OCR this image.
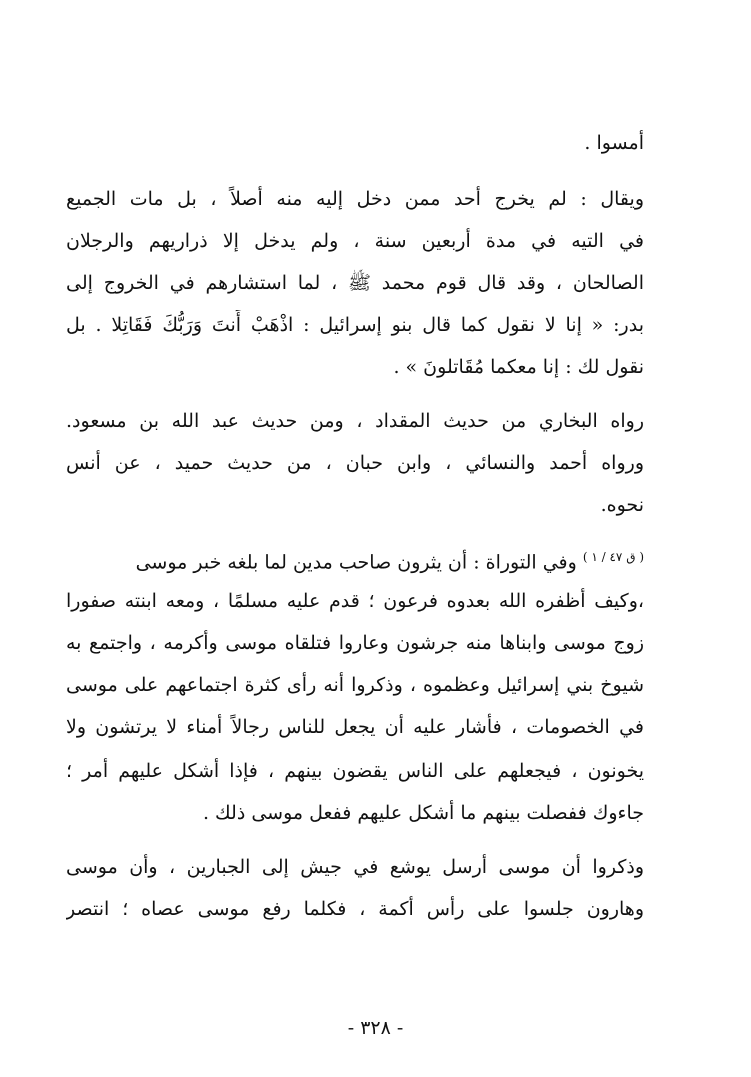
أمسوا .
ويقال : لم يخرج أحد ممن دخل إليه منه أصلاً ، بل مات الجميع
في التيه في مدة أربعين سنة ، ولم يدخل إلا ذراريهم والرجلان
الصالحان ، وقد قال قوم محمد ﷺ ، لما استشارهم في الخروج إلى
بدر: « إنا لا نقول كما قال بنو إسرائيل : اذْهَبْ أَنتَ وَرَبُّكَ فَقَاتِلا . بل
نقول لك : إنا معكما مُقَاتلونَ » .
رواه البخاري من حديث المقداد ، ومن حديث عبد الله بن مسعود.
ورواه أحمد والنسائي ، وابن حبان ، من حديث حميد ، عن أنس
نحوه.
$^{( ق ٤٧ / ١ )}$ وفي التوراة : أن يثرون صاحب مدين لما بلغه خبر موسى
،وكيف أظفره الله بعدوه فرعون ؛ قدم عليه مسلمًا ، ومعه ابنته صفورا
زوج موسى وابناها منه جرشون وعاروا فتلقاه موسى وأكرمه ، واجتمع به
شيوخ بني إسرائيل وعظموه ، وذكروا أنه رأى كثرة اجتماعهم على موسى
في الخصومات ، فأشار عليه أن يجعل للناس رجالاً أمناء لا يرتشون ولا
يخونون ، فيجعلهم على الناس يقضون بينهم ، فإذا أشكل عليهم أمر ؛
جاءوك ففصلت بينهم ما أشكل عليهم ففعل موسى ذلك .
وذكروا أن موسى أرسل يوشع في جيش إلى الجبارين ، وأن موسى
وهارون جلسوا على رأس أكمة ، فكلما رفع موسى عصاه ؛ انتصر
- ٣٢٨ -
